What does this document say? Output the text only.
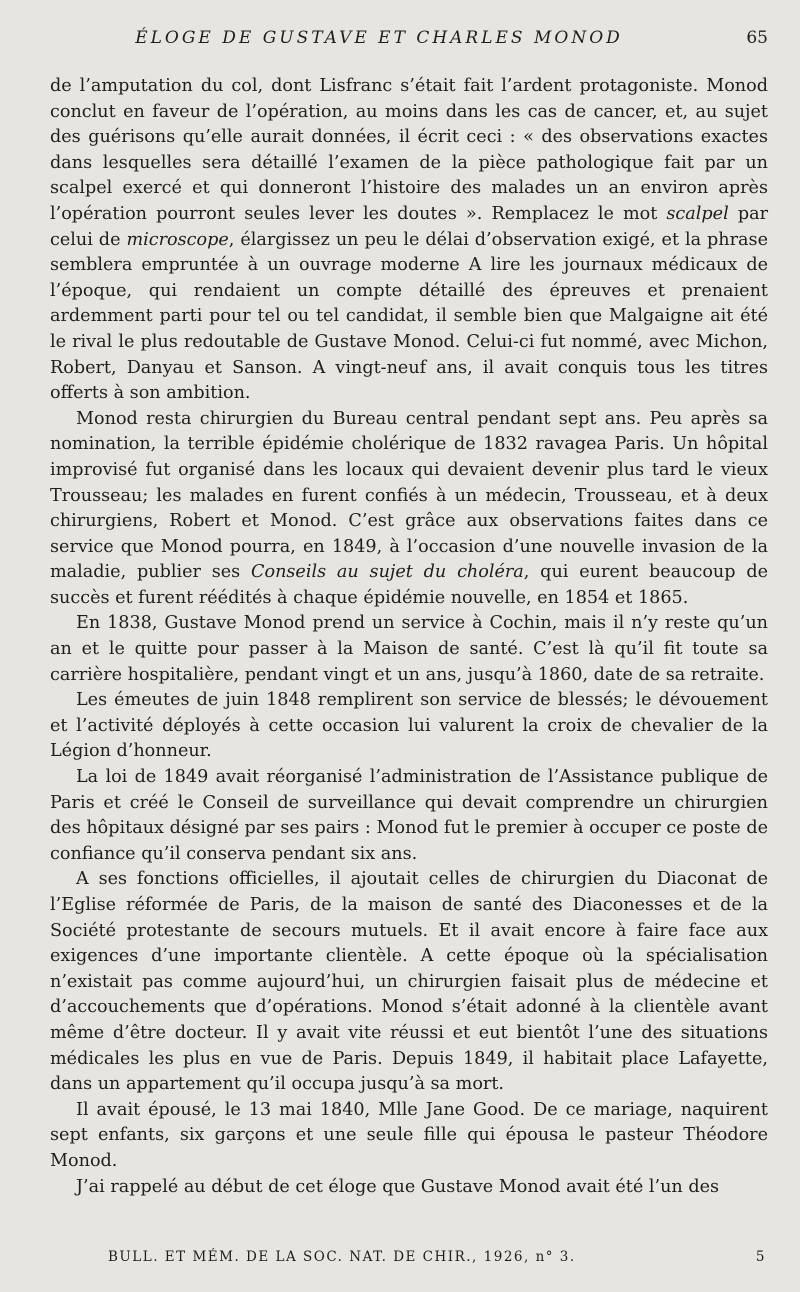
ÉLOGE DE GUSTAVE ET CHARLES MONOD	65

de l’amputation du col, dont Lisfranc s’était fait l’ardent protagoniste. Monod conclut en faveur de l’opération, au moins dans les cas de cancer, et, au sujet des guérisons qu’elle aurait données, il écrit ceci : « des observations exactes dans lesquelles sera détaillé l’examen de la pièce pathologique fait par un scalpel exercé et qui donneront l’histoire des malades un an environ après l’opération pourront seules lever les doutes ». Remplacez le mot scalpel par celui de microscope, élargissez un peu le délai d’observation exigé, et la phrase semblera empruntée à un ouvrage moderne A lire les journaux médicaux de l’époque, qui rendaient un compte détaillé des épreuves et prenaient ardemment parti pour tel ou tel candidat, il semble bien que Malgaigne ait été le rival le plus redoutable de Gustave Monod. Celui-ci fut nommé, avec Michon, Robert, Danyau et Sanson. A vingt-neuf ans, il avait conquis tous les titres offerts à son ambition.

Monod resta chirurgien du Bureau central pendant sept ans. Peu après sa nomination, la terrible épidémie cholérique de 1832 ravagea Paris. Un hôpital improvisé fut organisé dans les locaux qui devaient devenir plus tard le vieux Trousseau; les malades en furent confiés à un médecin, Trousseau, et à deux chirurgiens, Robert et Monod. C’est grâce aux observations faites dans ce service que Monod pourra, en 1849, à l’occasion d’une nouvelle invasion de la maladie, publier ses Conseils au sujet du choléra, qui eurent beaucoup de succès et furent réédités à chaque épidémie nouvelle, en 1854 et 1865.

En 1838, Gustave Monod prend un service à Cochin, mais il n’y reste qu’un an et le quitte pour passer à la Maison de santé. C’est là qu’il fit toute sa carrière hospitalière, pendant vingt et un ans, jusqu’à 1860, date de sa retraite.

Les émeutes de juin 1848 remplirent son service de blessés; le dévouement et l’activité déployés à cette occasion lui valurent la croix de chevalier de la Légion d’honneur.

La loi de 1849 avait réorganisé l’administration de l’Assistance publique de Paris et créé le Conseil de surveillance qui devait comprendre un chirurgien des hôpitaux désigné par ses pairs : Monod fut le premier à occuper ce poste de confiance qu’il conserva pendant six ans.

A ses fonctions officielles, il ajoutait celles de chirurgien du Diaconat de l’Eglise réformée de Paris, de la maison de santé des Diaconesses et de la Société protestante de secours mutuels. Et il avait encore à faire face aux exigences d’une importante clientèle. A cette époque où la spécialisation n’existait pas comme aujourd’hui, un chirurgien faisait plus de médecine et d’accouchements que d’opérations. Monod s’était adonné à la clientèle avant même d’être docteur. Il y avait vite réussi et eut bientôt l’une des situations médicales les plus en vue de Paris. Depuis 1849, il habitait place Lafayette, dans un appartement qu’il occupa jusqu’à sa mort.

Il avait épousé, le 13 mai 1840, Mlle Jane Good. De ce mariage, naquirent sept enfants, six garçons et une seule fille qui épousa le pasteur Théodore Monod.

J’ai rappelé au début de cet éloge que Gustave Monod avait été l’un des

BULL. ET MÉM. DE LA SOC. NAT. DE CHIR., 1926, n° 3.	5
